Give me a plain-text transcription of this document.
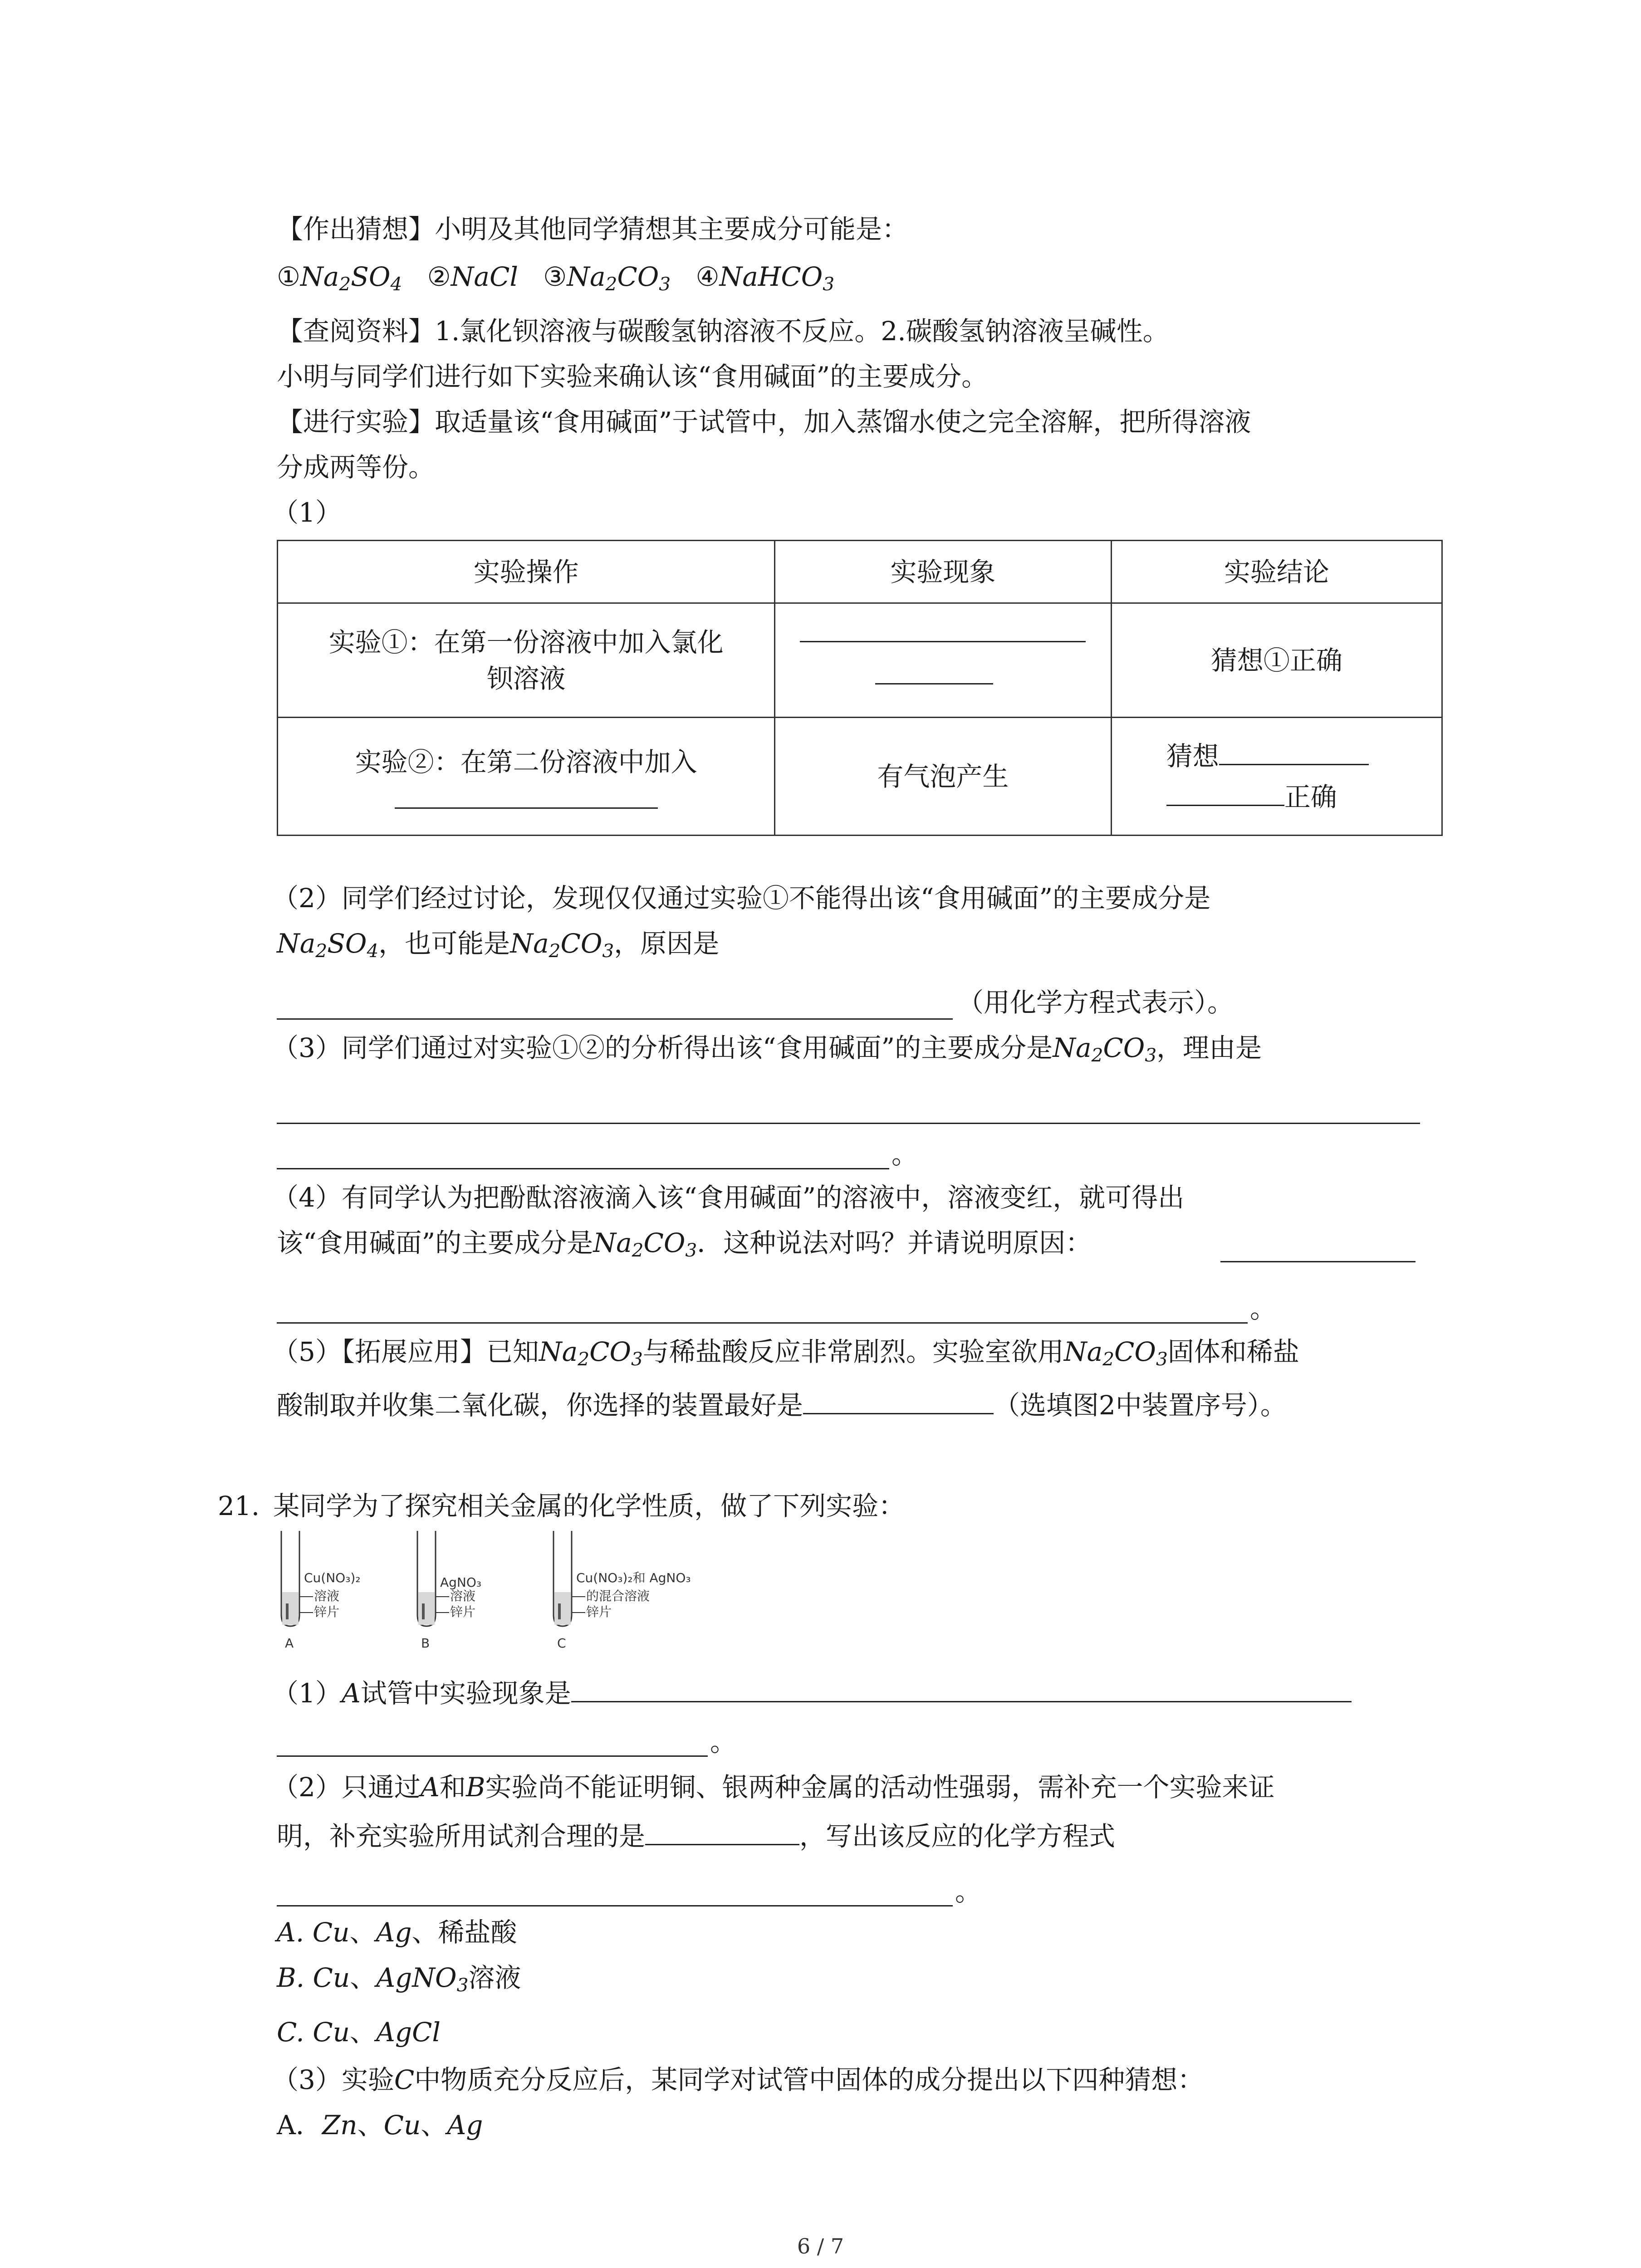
【作出猜想】小明及其他同学猜想其主要成分可能是：
$①Na_2SO_4$ ②NaCl $③Na_2CO_3$ ④NaHCO$_3$
【查阅资料】1.氯化钡溶液与碳酸氢钠溶液不反应。2.碳酸氢钠溶液呈碱性。
小明与同学们进行如下实验来确认该“食用碱面”的主要成分。
【进行实验】取适量该“食用碱面”于试管中，加入蒸馏水使之完全溶解，把所得溶液
分成两等份。
（1）
实验操作	实验现象	实验结论

实验①：在第一份溶液中加入氯化
钡溶液		猜想①正确

实验②：在第二份溶液中加入	有气泡产生	猜想
正确
（2）同学们经过讨论，发现仅仅通过实验①不能得出该“食用碱面”的主要成分是
$Na_2SO_4$，也可能是$Na_2CO_3$，原因是
（用化学方程式表示）。
（3）同学们通过对实验①②的分析得出该“食用碱面”的主要成分是$Na_2CO_3$，理由是
。
（4）有同学认为把酚酞溶液滴入该“食用碱面”的溶液中，溶液变红，就可得出
该“食用碱面”的主要成分是$Na_2CO_3$．这种说法对吗？并请说明原因：
。
（5）【拓展应用】已知$Na_2CO_3$与稀盐酸反应非常剧烈。实验室欲用$Na_2CO_3$固体和稀盐
酸制取并收集二氧化碳，你选择的装置最好是	（选填图2中装置序号）。
21. 某同学为了探究相关金属的化学性质，做了下列实验：
Cu(NO₃)₂
溶液
锌片
A
AgNO₃
溶液
锌片
B
Cu(NO₃)₂和 AgNO₃
的混合溶液
锌片
C
（1）A试管中实验现象是
。
（2）只通过A和B实验尚不能证明铜、银两种金属的活动性强弱，需补充一个实验来证
明，补充实验所用试剂合理的是	，写出该反应的化学方程式
。
A. Cu、Ag、稀盐酸
B. Cu、AgNO$_3$溶液
C. Cu、AgCl
（3）实验C中物质充分反应后，某同学对试管中固体的成分提出以下四种猜想：
A．Zn、Cu、Ag
6 / 7
